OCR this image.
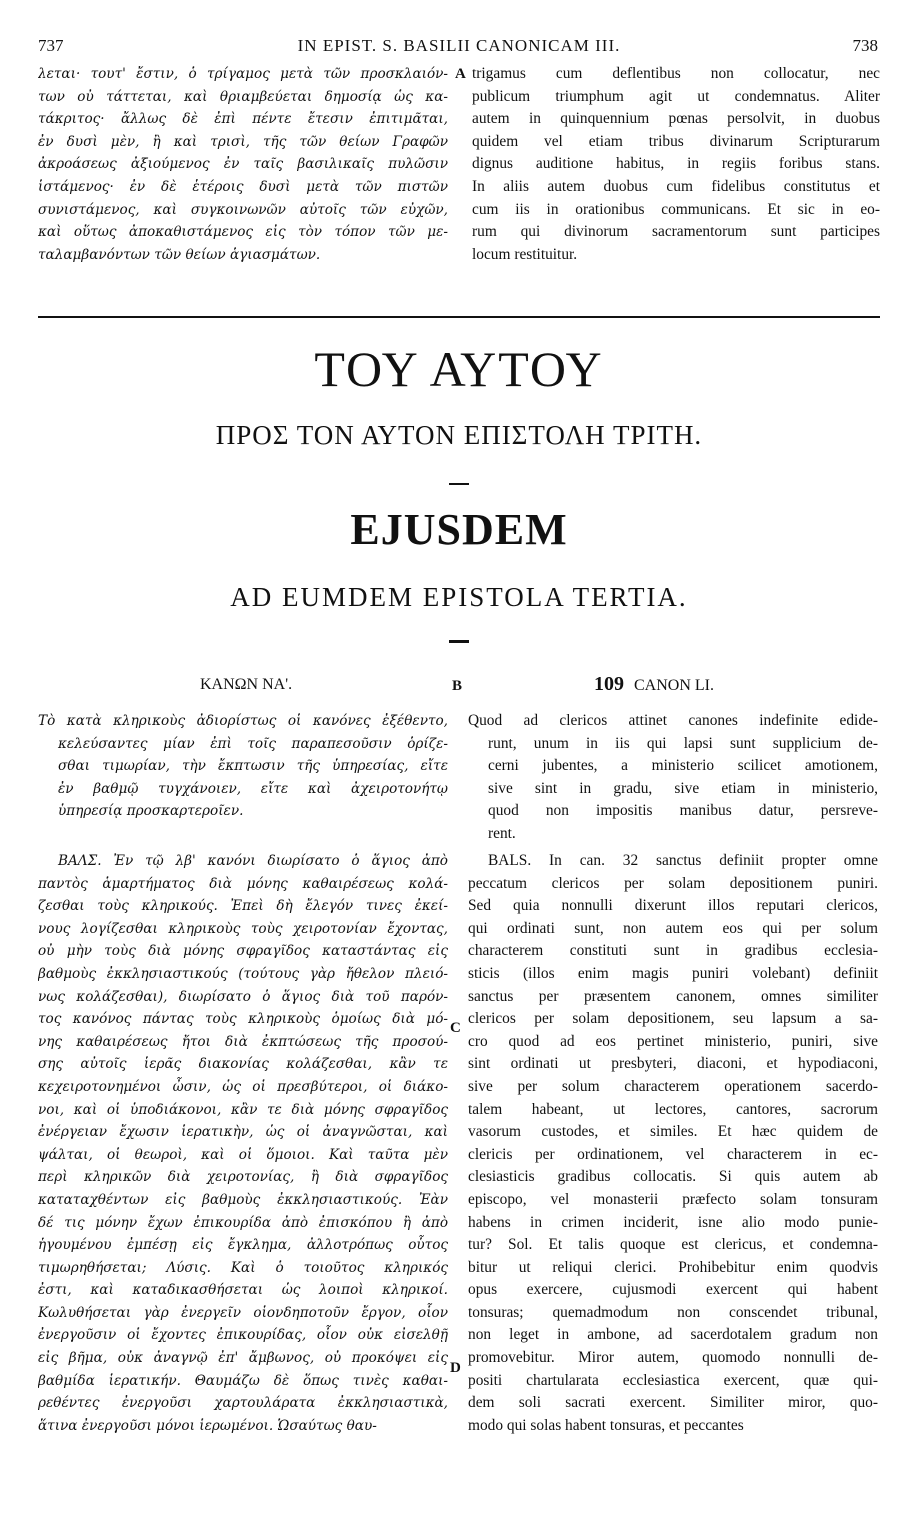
737	IN EPIST. S. BASILII CANONICAM III.	738
λεται· τουτ' ἔστιν, ὁ τρίγαμος μετὰ τῶν προσκλαιόν-
των οὐ τάττεται, καὶ θριαμβεύεται δημοσίᾳ ὡς κα-
τάκριτος· ἄλλως δὲ ἐπὶ πέντε ἔτεσιν ἐπιτιμᾶται,
ἐν δυσὶ μὲν, ἢ καὶ τρισὶ, τῆς τῶν θείων Γραφῶν
ἀκροάσεως ἀξιούμενος ἐν ταῖς βασιλικαῖς πυλῶσιν
ἱστάμενος· ἐν δὲ ἑτέροις δυσὶ μετὰ τῶν πιστῶν
συνιστάμενος, καὶ συγκοινωνῶν αὐτοῖς τῶν εὐχῶν,
καὶ οὕτως ἀποκαθιστάμενος εἰς τὸν τόπον τῶν με-
ταλαμβανόντων τῶν θείων ἁγιασμάτων.
A trigamus cum deflentibus non collocatur, nec
publicum triumphum agit ut condemnatus. Aliter
autem in quinquennium pœnas persolvit, in duobus
quidem vel etiam tribus divinarum Scripturarum
dignus auditione habitus, in regiis foribus stans.
In aliis autem duobus cum fidelibus constitutus et
cum iis in orationibus communicans. Et sic in eo-
rum qui divinorum sacramentorum sunt participes
locum restituitur.
ΤΟΥ ΑΥΤΟΥ
ΠΡΟΣ ΤΟΝ ΑΥΤΟΝ ΕΠΙΣΤΟΛΗ ΤΡΙΤΗ.
EJUSDEM
AD EUMDEM EPISTOLA TERTIA.
ΚΑΝΩΝ ΝΑ'.	B	109 CANON LI.
Τὸ κατὰ κληρικοὺς ἀδιορίστως οἱ κανόνες ἐξέθεντο,
κελεύσαντες μίαν ἐπὶ τοῖς παραπεσοῦσιν ὁρίζε-
σθαι τιμωρίαν, τὴν ἔκπτωσιν τῆς ὑπηρεσίας, εἴτε
ἐν βαθμῷ τυγχάνοιεν, εἴτε καὶ ἀχειροτονήτῳ
ὑπηρεσίᾳ προσκαρτεροῖεν.
Quod ad clericos attinet canones indefinite edide-
runt, unum in iis qui lapsi sunt supplicium de-
cerni jubentes, a ministerio scilicet amotionem,
sive sint in gradu, sive etiam in ministerio,
quod non impositis manibus datur, persreve-
rent.
ΒΑΛΣ. Ἐν τῷ λβ' κανόνι διωρίσατο ὁ ἅγιος ἀπὸ
παντὸς ἁμαρτήματος διὰ μόνης καθαιρέσεως κολά-
ζεσθαι τοὺς κληρικούς. Ἐπεὶ δὴ ἔλεγόν τινες ἐκεί-
νους λογίζεσθαι κληρικοὺς τοὺς χειροτονίαν ἔχοντας,
οὐ μὴν τοὺς διὰ μόνης σφραγῖδος καταστάντας εἰς
βαθμοὺς ἐκκλησιαστικούς (τούτους γὰρ ἤθελον πλειό-
νως κολάζεσθαι), διωρίσατο ὁ ἅγιος διὰ τοῦ παρόν-
τος κανόνος πάντας τοὺς κληρικοὺς ὁμοίως διὰ μό-
νης καθαιρέσεως ἤτοι διὰ ἐκπτώσεως τῆς προσού-
σης αὐτοῖς ἱερᾶς διακονίας κολάζεσθαι, κἂν τε
κεχειροτονημένοι ὦσιν, ὡς οἱ πρεσβύτεροι, οἱ διάκο-
νοι, καὶ οἱ ὑποδιάκονοι, κἂν τε διὰ μόνης σφραγῖδος
ἐνέργειαν ἔχωσιν ἱερατικὴν, ὡς οἱ ἀναγνῶσται, καὶ
ψάλται, οἱ θεωροὶ, καὶ οἱ ὅμοιοι. Καὶ ταῦτα μὲν
περὶ κληρικῶν διὰ χειροτονίας, ἢ διὰ σφραγῖδος
καταταχθέντων εἰς βαθμοὺς ἐκκλησιαστικούς. Ἐὰν
δέ τις μόνην ἔχων ἐπικουρίδα ἀπὸ ἐπισκόπου ἢ ἀπὸ
ἡγουμένου ἐμπέσῃ εἰς ἔγκλημα, ἀλλοτρόπως οὗτος
τιμωρηθήσεται; Λύσις. Καὶ ὁ τοιοῦτος κληρικός
ἐστι, καὶ καταδικασθήσεται ὡς λοιποὶ κληρικοί.
Κωλυθήσεται γὰρ ἐνεργεῖν οἱονδηποτοῦν ἔργον, οἷον
ἐνεργοῦσιν οἱ ἔχοντες ἐπικουρίδας, οἷον οὐκ εἰσελθῇ
εἰς βῆμα, οὐκ ἀναγνῷ ἐπ' ἄμβωνος, οὐ προκόψει εἰς
βαθμίδα ἱερατικήν. Θαυμάζω δὲ ὅπως τινὲς καθαι-
ρεθέντες ἐνεργοῦσι χαρτουλάρατα ἐκκλησιαστικὰ,
ἅτινα ἐνεργοῦσι μόνοι ἱερωμένοι. Ὡσαύτως θαυ-
C
D
BALS. In can. 32 sanctus definiit propter omne
peccatum clericos per solam depositionem puniri.
Sed quia nonnulli dixerunt illos reputari clericos,
qui ordinati sunt, non autem eos qui per solum
characterem constituti sunt in gradibus ecclesia-
sticis (illos enim magis puniri volebant) definiit
sanctus per præsentem canonem, omnes similiter
clericos per solam depositionem, seu lapsum a sa-
cro quod ad eos pertinet ministerio, puniri, sive
sint ordinati ut presbyteri, diaconi, et hypodiaconi,
sive per solum characterem operationem sacerdo-
talem habeant, ut lectores, cantores, sacrorum
vasorum custodes, et similes. Et hæc quidem de
clericis per ordinationem, vel characterem in ec-
clesiasticis gradibus collocatis. Si quis autem ab
episcopo, vel monasterii præfecto solam tonsuram
habens in crimen inciderit, isne alio modo punie-
tur? Sol. Et talis quoque est clericus, et condemna-
bitur ut reliqui clerici. Prohibebitur enim quodvis
opus exercere, cujusmodi exercent qui habent
tonsuras; quemadmodum non conscendet tribunal,
non leget in ambone, ad sacerdotalem gradum non
promovebitur. Miror autem, quomodo nonnulli de-
positi chartularata ecclesiastica exercent, quæ qui-
dem soli sacrati exercent. Similiter miror, quo-
modo qui solas habent tonsuras, et peccantes
